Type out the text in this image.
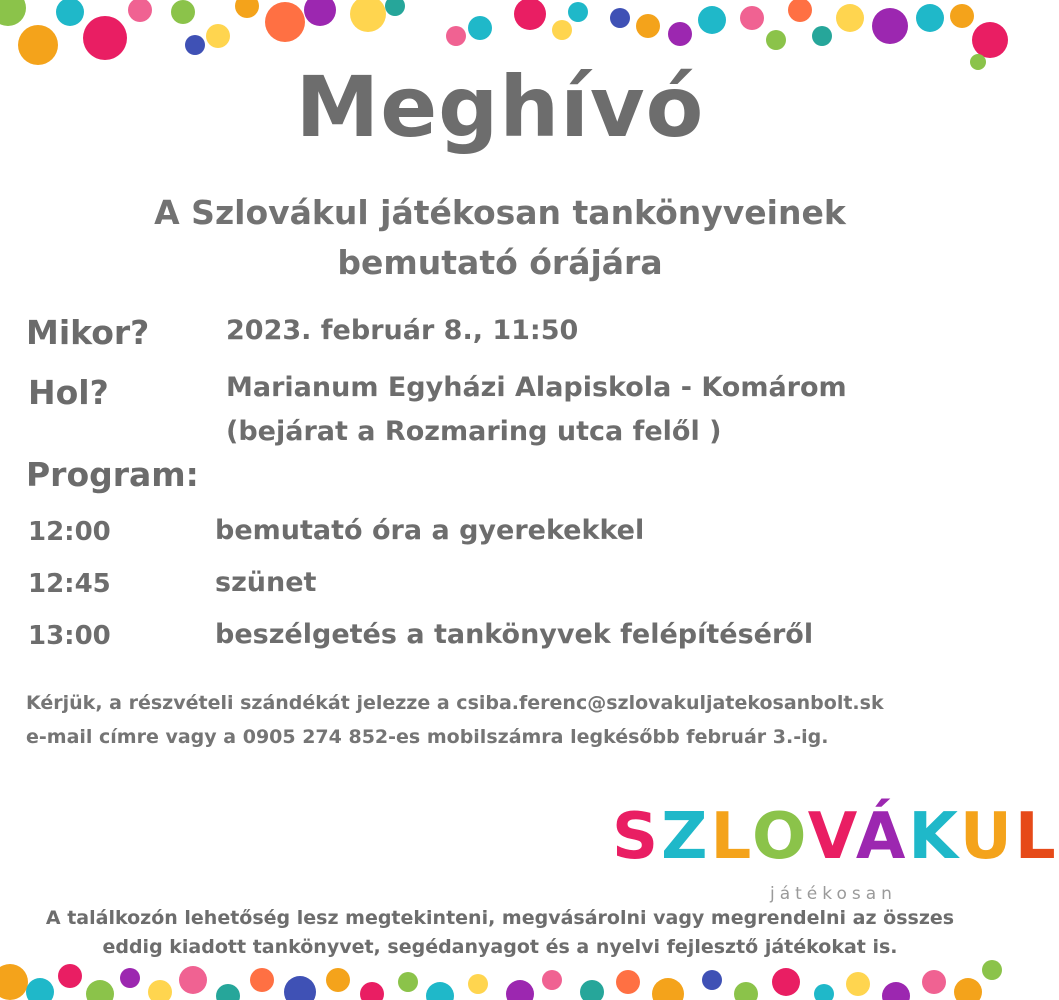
Meghívó
A Szlovákul játékosan tankönyveinek
bemutató órájára
Mikor?	2023. február 8., 11:50
Hol?	Marianum Egyházi Alapiskola - Komárom
(bejárat a Rozmaring utca felől )
Program:
12:00	bemutató óra a gyerekekkel
12:45	szünet
13:00	beszélgetés a tankönyvek felépítéséről
Kérjük, a részvételi szándékát jelezze a csiba.ferenc@szlovakuljatekosanbolt.sk
e-mail címre vagy a 0905 274 852-es mobilszámra legkésőbb február 3.-ig.
SZLOVÁKUL
játékosan
A találkozón lehetőség lesz megtekinteni, megvásárolni vagy megrendelni az összes
eddig kiadott tankönyvet, segédanyagot és a nyelvi fejlesztő játékokat is.
